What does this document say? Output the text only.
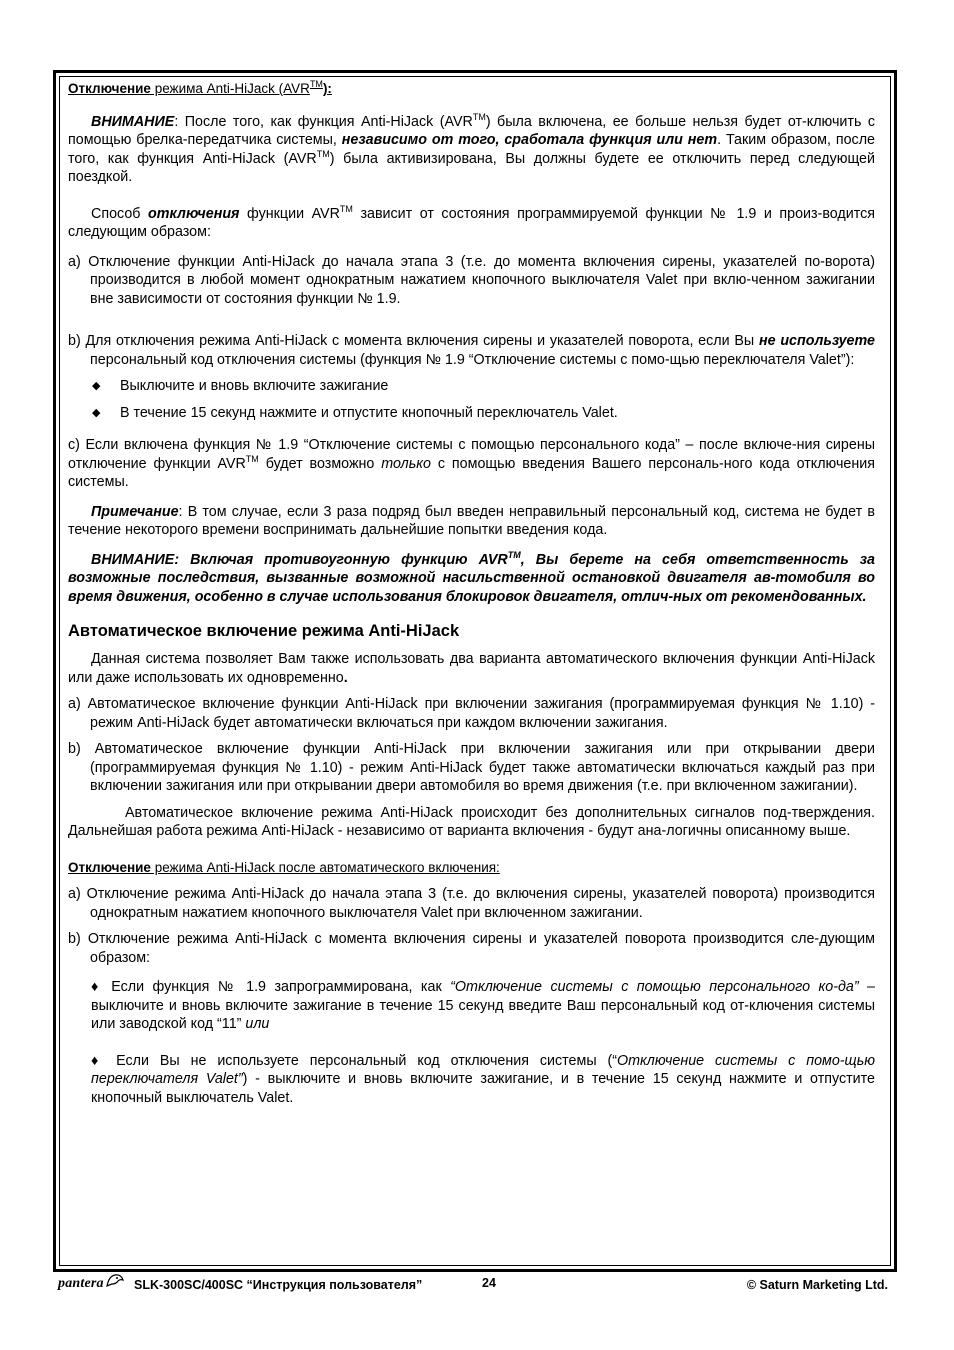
Отключение режима Anti-HiJack (AVR™):

ВНИМАНИЕ: После того, как функция Anti-HiJack (AVR™) была включена, ее больше нельзя будет от-ключить с помощью брелка-передатчика системы, независимо от того, сработала функция или нет. Таким образом, после того, как функция Anti-HiJack (AVR™) была активизирована, Вы должны будете ее отключить перед следующей поездкой.

Способ отключения функции AVR™ зависит от состояния программируемой функции № 1.9 и произ-водится следующим образом:

a) Отключение функции Anti-HiJack до начала этапа 3 (т.е. до момента включения сирены, указателей по-ворота) производится в любой момент однократным нажатием кнопочного выключателя Valet при вклю-ченном зажигании вне зависимости от состояния функции № 1.9.

b) Для отключения режима Anti-HiJack с момента включения сирены и указателей поворота, если Вы не используете персональный код отключения системы (функция № 1.9 “Отключение системы с помо-щью переключателя Valet”):

◆ Выключите и вновь включите зажигание

◆ В течение 15 секунд нажмите и отпустите кнопочный переключатель Valet.

c) Если включена функция № 1.9 “Отключение системы с помощью персонального кода” – после включе-ния сирены отключение функции AVR™ будет возможно только с помощью введения Вашего персональ-ного кода отключения системы.

Примечание: В том случае, если 3 раза подряд был введен неправильный персональный код, система не будет в течение некоторого времени воспринимать дальнейшие попытки введения кода.

ВНИМАНИЕ: Включая противоугонную функцию AVR™, Вы берете на себя ответственность за возможные последствия, вызванные возможной насильственной остановкой двигателя ав-томобиля во время движения, особенно в случае использования блокировок двигателя, отлич-ных от рекомендованных.

Автоматическое включение режима Anti-HiJack

Данная система позволяет Вам также использовать два варианта автоматического включения функции Anti-HiJack или даже использовать их одновременно.

a) Автоматическое включение функции Anti-HiJack при включении зажигания (программируемая функция № 1.10) - режим Anti-HiJack будет автоматически включаться при каждом включении зажигания.

b) Автоматическое включение функции Anti-HiJack при включении зажигания или при открывании двери (программируемая функция № 1.10) - режим Anti-HiJack будет также автоматически включаться каждый раз при включении зажигания или при открывании двери автомобиля во время движения (т.е. при включенном зажигании).

Автоматическое включение режима Anti-HiJack происходит без дополнительных сигналов под-тверждения. Дальнейшая работа режима Anti-HiJack - независимо от варианта включения - будут ана-логичны описанному выше.

Отключение режима Anti-HiJack после автоматического включения:

a) Отключение режима Anti-HiJack до начала этапа 3 (т.е. до включения сирены, указателей поворота) производится однократным нажатием кнопочного выключателя Valet при включенном зажигании.

b) Отключение режима Anti-HiJack с момента включения сирены и указателей поворота производится сле-дующим образом:

♦ Если функция № 1.9 запрограммирована, как “Отключение системы с помощью персонального ко-да” – выключите и вновь включите зажигание в течение 15 секунд введите Ваш персональный код от-ключения системы или заводской код “11” или

♦ Если Вы не используете персональный код отключения системы (“Отключение системы с помо-щью переключателя Valet”) - выключите и вновь включите зажигание, и в течение 15 секунд нажмите и отпустите кнопочный выключатель Valet.

pantera SLK-300SC/400SC “Инструкция пользователя”	24	© Saturn Marketing Ltd.
